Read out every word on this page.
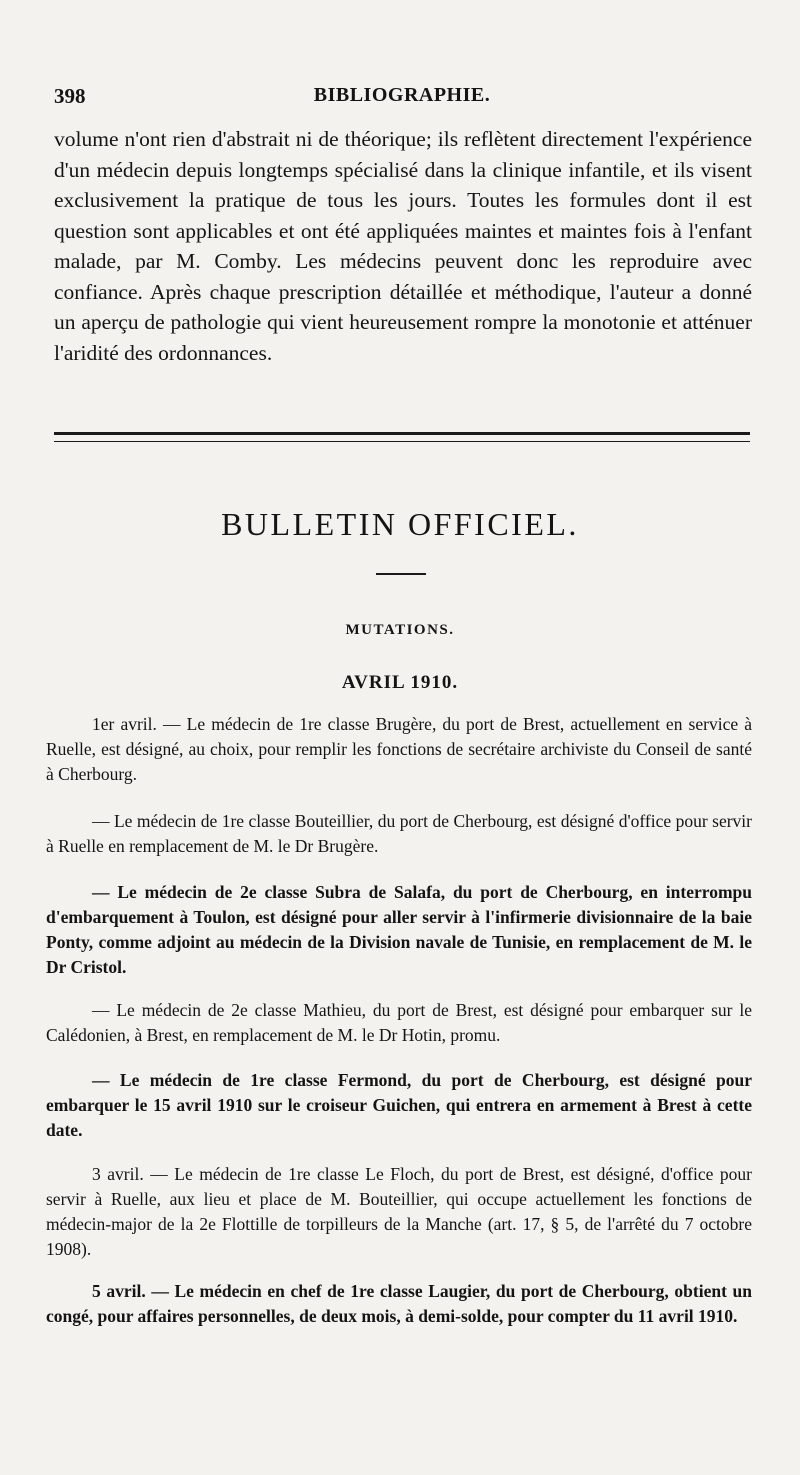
398	BIBLIOGRAPHIE.

volume n'ont rien d'abstrait ni de théorique; ils reflètent directement l'expérience d'un médecin depuis longtemps spécialisé dans la clinique infantile, et ils visent exclusivement la pratique de tous les jours. Toutes les formules dont il est question sont applicables et ont été appliquées maintes et maintes fois à l'enfant malade, par M. Comby. Les médecins peuvent donc les reproduire avec confiance. Après chaque prescription détaillée et méthodique, l'auteur a donné un aperçu de pathologie qui vient heureusement rompre la monotonie et atténuer l'aridité des ordonnances.

BULLETIN OFFICIEL.
MUTATIONS.
AVRIL 1910.

1er avril. — Le médecin de 1re classe Brugère, du port de Brest, actuellement en service à Ruelle, est désigné, au choix, pour remplir les fonctions de secrétaire archiviste du Conseil de santé à Cherbourg.

— Le médecin de 1re classe Bouteillier, du port de Cherbourg, est désigné d'office pour servir à Ruelle en remplacement de M. le Dr Brugère.

— Le médecin de 2e classe Subra de Salafa, du port de Cherbourg, en interrompu d'embarquement à Toulon, est désigné pour aller servir à l'infirmerie divisionnaire de la baie Ponty, comme adjoint au médecin de la Division navale de Tunisie, en remplacement de M. le Dr Cristol.

— Le médecin de 2e classe Mathieu, du port de Brest, est désigné pour embarquer sur le Calédonien, à Brest, en remplacement de M. le Dr Hotin, promu.

— Le médecin de 1re classe Fermond, du port de Cherbourg, est désigné pour embarquer le 15 avril 1910 sur le croiseur Guichen, qui entrera en armement à Brest à cette date.

3 avril. — Le médecin de 1re classe Le Floch, du port de Brest, est désigné, d'office pour servir à Ruelle, aux lieu et place de M. Bouteillier, qui occupe actuellement les fonctions de médecin-major de la 2e Flottille de torpilleurs de la Manche (art. 17, § 5, de l'arrêté du 7 octobre 1908).

5 avril. — Le médecin en chef de 1re classe Laugier, du port de Cherbourg, obtient un congé, pour affaires personnelles, de deux mois, à demi-solde, pour compter du 11 avril 1910.
